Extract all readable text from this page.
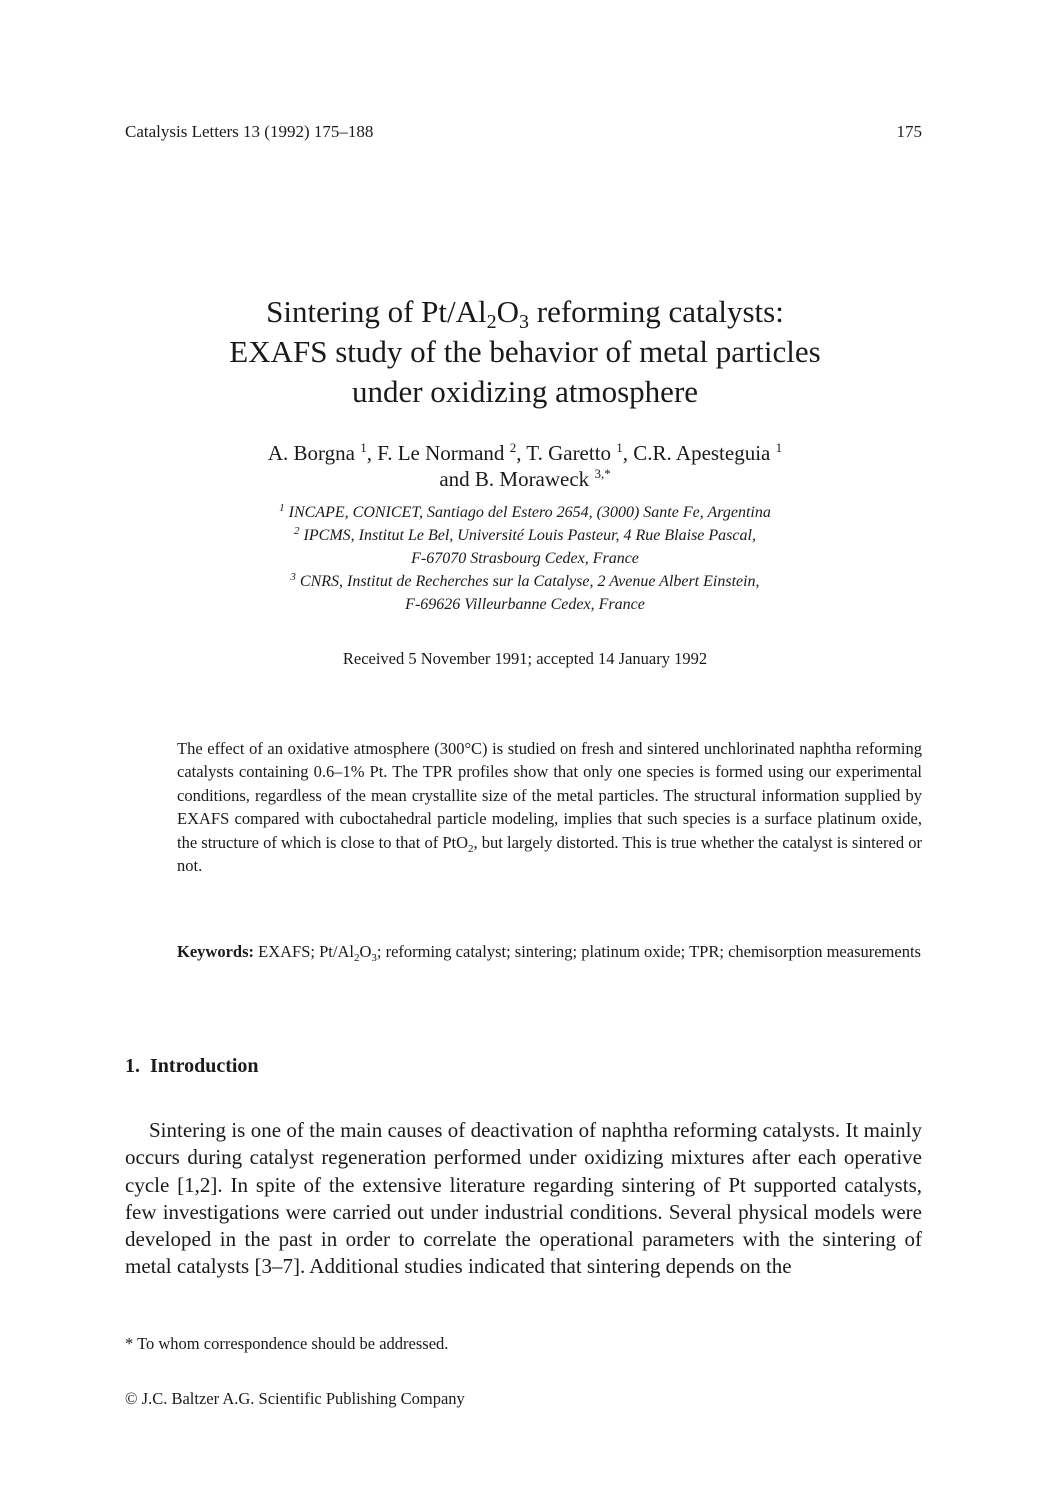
Catalysis Letters 13 (1992) 175–188	175
Sintering of $Pt/Al_2O_3$ reforming catalysts:
EXAFS study of the behavior of metal particles
under oxidizing atmosphere
A. Borgna $^1$, F. Le Normand $^2$, T. Garetto $^1$, C.R. Apesteguia $^1$
and B. Moraweck $^{3,*}$
$^1$ INCAPE, CONICET, Santiago del Estero 2654, (3000) Sante Fe, Argentina
$^2$ IPCMS, Institut Le Bel, Université Louis Pasteur, 4 Rue Blaise Pascal,
F-67070 Strasbourg Cedex, France
$^3$ CNRS, Institut de Recherches sur la Catalyse, 2 Avenue Albert Einstein,
F-69626 Villeurbanne Cedex, France
Received 5 November 1991; accepted 14 January 1992

The effect of an oxidative atmosphere (300°C) is studied on fresh and sintered unchlorinated naphtha reforming catalysts containing 0.6–1% Pt. The TPR profiles show that only one species is formed using our experimental conditions, regardless of the mean crystallite size of the metal particles. The structural information supplied by EXAFS compared with cuboctahedral particle modeling, implies that such species is a surface platinum oxide, the structure of which is close to that of PtO$_2$, but largely distorted. This is true whether the catalyst is sintered or not.

Keywords: EXAFS; $Pt/Al_2O_3$; reforming catalyst; sintering; platinum oxide; TPR; chemisorption measurements
1. Introduction

Sintering is one of the main causes of deactivation of naphtha reforming catalysts. It mainly occurs during catalyst regeneration performed under oxidizing mixtures after each operative cycle [1,2]. In spite of the extensive literature regarding sintering of Pt supported catalysts, few investigations were carried out under industrial conditions. Several physical models were developed in the past in order to correlate the operational parameters with the sintering of metal catalysts [3–7]. Additional studies indicated that sintering depends on the

* To whom correspondence should be addressed.
© J.C. Baltzer A.G. Scientific Publishing Company
